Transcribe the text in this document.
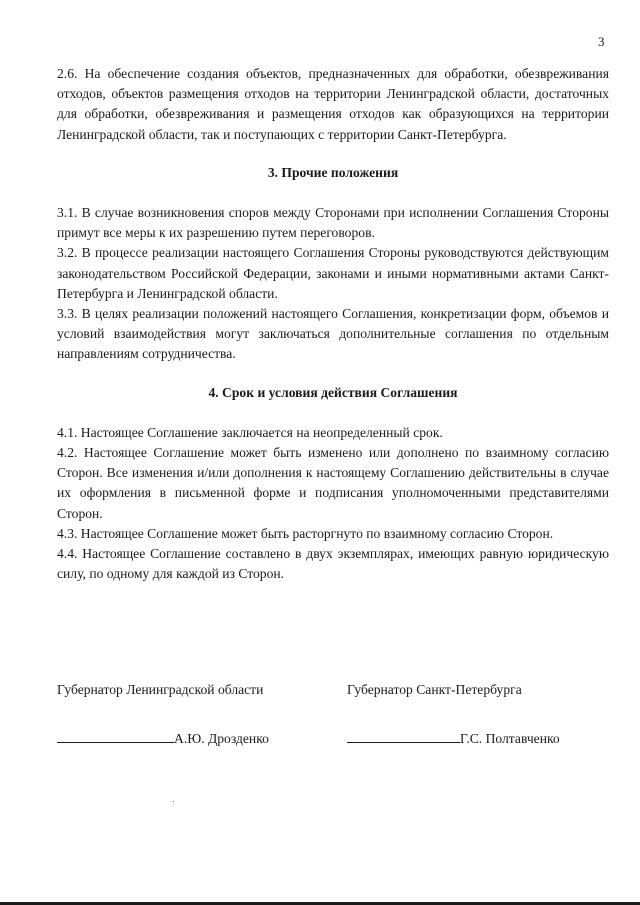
3

2.6. На обеспечение создания объектов, предназначенных для обработки, обезвреживания отходов, объектов размещения отходов на территории Ленинградской области, достаточных для обработки, обезвреживания и размещения отходов как образующихся на территории Ленинградской области, так и поступающих с территории Санкт-Петербурга.

3. Прочие положения

3.1. В случае возникновения споров между Сторонами при исполнении Соглашения Стороны примут все меры к их разрешению путем переговоров.

3.2. В процессе реализации настоящего Соглашения Стороны руководствуются действующим законодательством Российской Федерации, законами и иными нормативными актами Санкт-Петербурга и Ленинградской области.

3.3. В целях реализации положений настоящего Соглашения, конкретизации форм, объемов и условий взаимодействия могут заключаться дополнительные соглашения по отдельным направлениям сотрудничества.

4. Срок и условия действия Соглашения

4.1. Настоящее Соглашение заключается на неопределенный срок.

4.2. Настоящее Соглашение может быть изменено или дополнено по взаимному согласию Сторон. Все изменения и/или дополнения к настоящему Соглашению действительны в случае их оформления в письменной форме и подписания уполномоченными представителями Сторон.

4.3. Настоящее Соглашение может быть расторгнуто по взаимному согласию Сторон.

4.4. Настоящее Соглашение составлено в двух экземплярах, имеющих равную юридическую силу, по одному для каждой из Сторон.

Губернатор Ленинградской области
А.Ю. Дрозденко
Губернатор Санкт-Петербурга
Г.С. Полтавченко
